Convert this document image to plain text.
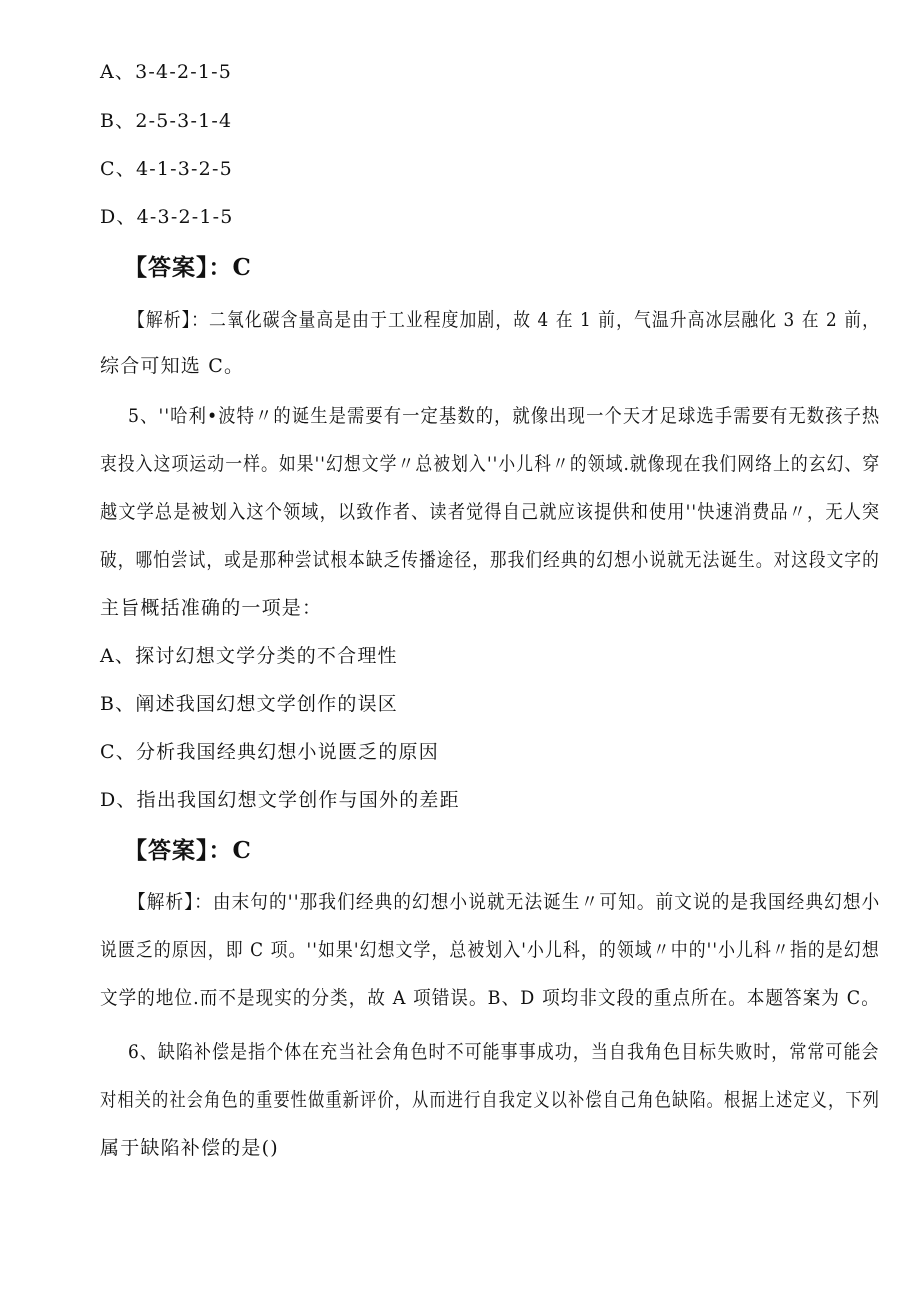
A、3-4-2-1-5
B、2-5-3-1-4
C、4-1-3-2-5
D、4-3-2-1-5
【答案】：C
【解析】：二氧化碳含量高是由于工业程度加剧，故 4 在 1 前，气温升高冰层融化 3 在 2 前，
综合可知选 C。
5、''哈利•波特〃的诞生是需要有一定基数的，就像出现一个天才足球选手需要有无数孩子热
衷投入这项运动一样。如果''幻想文学〃总被划入''小儿科〃的领域.就像现在我们网络上的玄幻、穿
越文学总是被划入这个领域，以致作者、读者觉得自己就应该提供和使用''快速消费品〃，无人突
破，哪怕尝试，或是那种尝试根本缺乏传播途径，那我们经典的幻想小说就无法诞生。对这段文字的
主旨概括准确的一项是：
A、探讨幻想文学分类的不合理性
B、阐述我国幻想文学创作的误区
C、分析我国经典幻想小说匮乏的原因
D、指出我国幻想文学创作与国外的差距
【答案】：C
【解析】：由末句的''那我们经典的幻想小说就无法诞生〃可知。前文说的是我国经典幻想小
说匮乏的原因，即 C 项。''如果'幻想文学，总被划入'小儿科，的领域〃中的''小儿科〃指的是幻想
文学的地位.而不是现实的分类，故 A 项错误。B、D 项均非文段的重点所在。本题答案为 C。
6、缺陷补偿是指个体在充当社会角色时不可能事事成功，当自我角色目标失败时，常常可能会
对相关的社会角色的重要性做重新评价，从而进行自我定义以补偿自己角色缺陷。根据上述定义，下列
属于缺陷补偿的是()
